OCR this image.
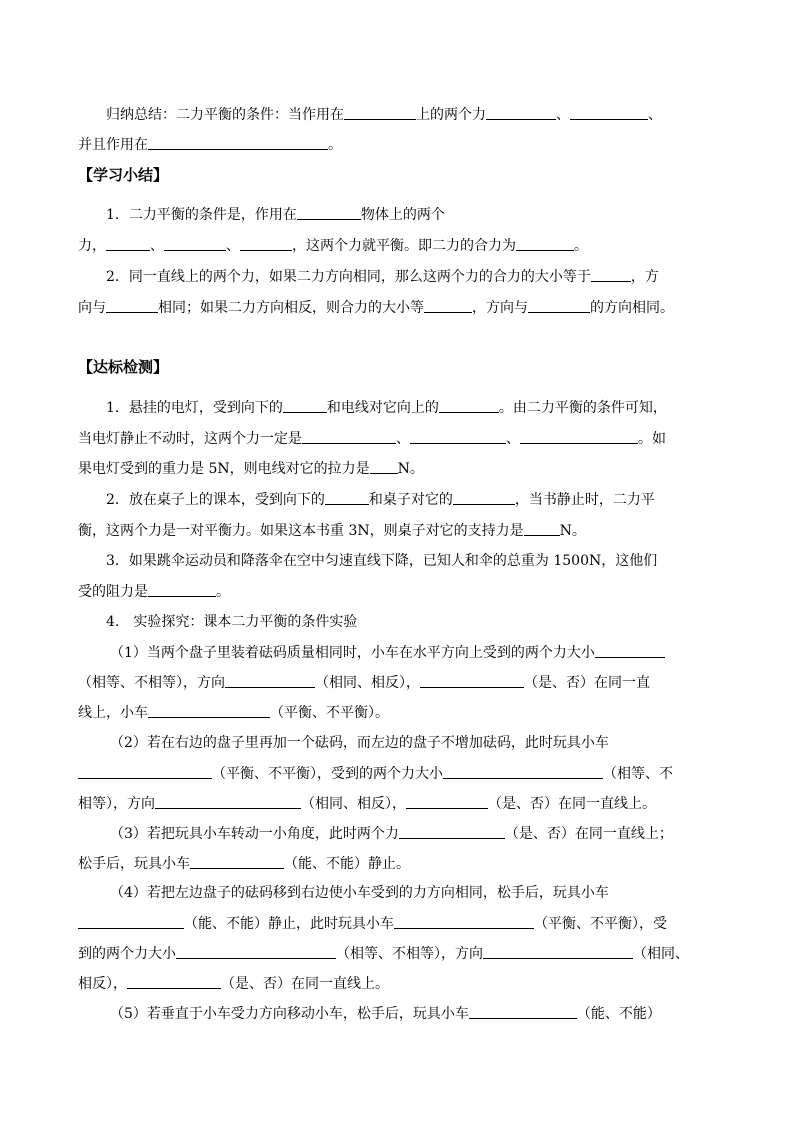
归纳总结：二力平衡的条件：当作用在	上的两个力	、	、
并且作用在	。
【学习小结】
1．二力平衡的条件是，作用在	物体上的两个
力，	、	、	，这两个力就平衡。即二力的合力为	。
2．同一直线上的两个力，如果二力方向相同，那么这两个力的合力的大小等于	，方
向与	相同；如果二力方向相反，则合力的大小等	，方向与	的方向相同。
【达标检测】
1．悬挂的电灯，受到向下的	和电线对它向上的	。由二力平衡的条件可知，
当电灯静止不动时，这两个力一定是	、	、	。如
果电灯受到的重力是 5N，则电线对它的拉力是 N。
2．放在桌子上的课本，受到向下的	和桌子对它的	，当书静止时，二力平
衡，这两个力是一对平衡力。如果这本书重 3N，则桌子对它的支持力是	N。
3．如果跳伞运动员和降落伞在空中匀速直线下降，已知人和伞的总重为 1500N，这他们
受的阻力是	。
4.　实验探究：课本二力平衡的条件实验
（1）当两个盘子里装着砝码质量相同时，小车在水平方向上受到的两个力大小
（相等、不相等），方向	（相同、相反），	（是、否）在同一直
线上，小车	（平衡、不平衡）。
（2）若在右边的盘子里再加一个砝码，而左边的盘子不增加砝码，此时玩具小车
（平衡、不平衡），受到的两个力大小	（相等、不
相等），方向	（相同、相反），	（是、否）在同一直线上。
（3）若把玩具小车转动一小角度，此时两个力	（是、否）在同一直线上；
松手后，玩具小车	（能、不能）静止。
（4）若把左边盘子的砝码移到右边使小车受到的力方向相同，松手后，玩具小车
（能、不能）静止，此时玩具小车	（平衡、不平衡），受
到的两个力大小	（相等、不相等），方向	（相同、
相反），	（是、否）在同一直线上。
（5）若垂直于小车受力方向移动小车，松手后，玩具小车	（能、不能）
